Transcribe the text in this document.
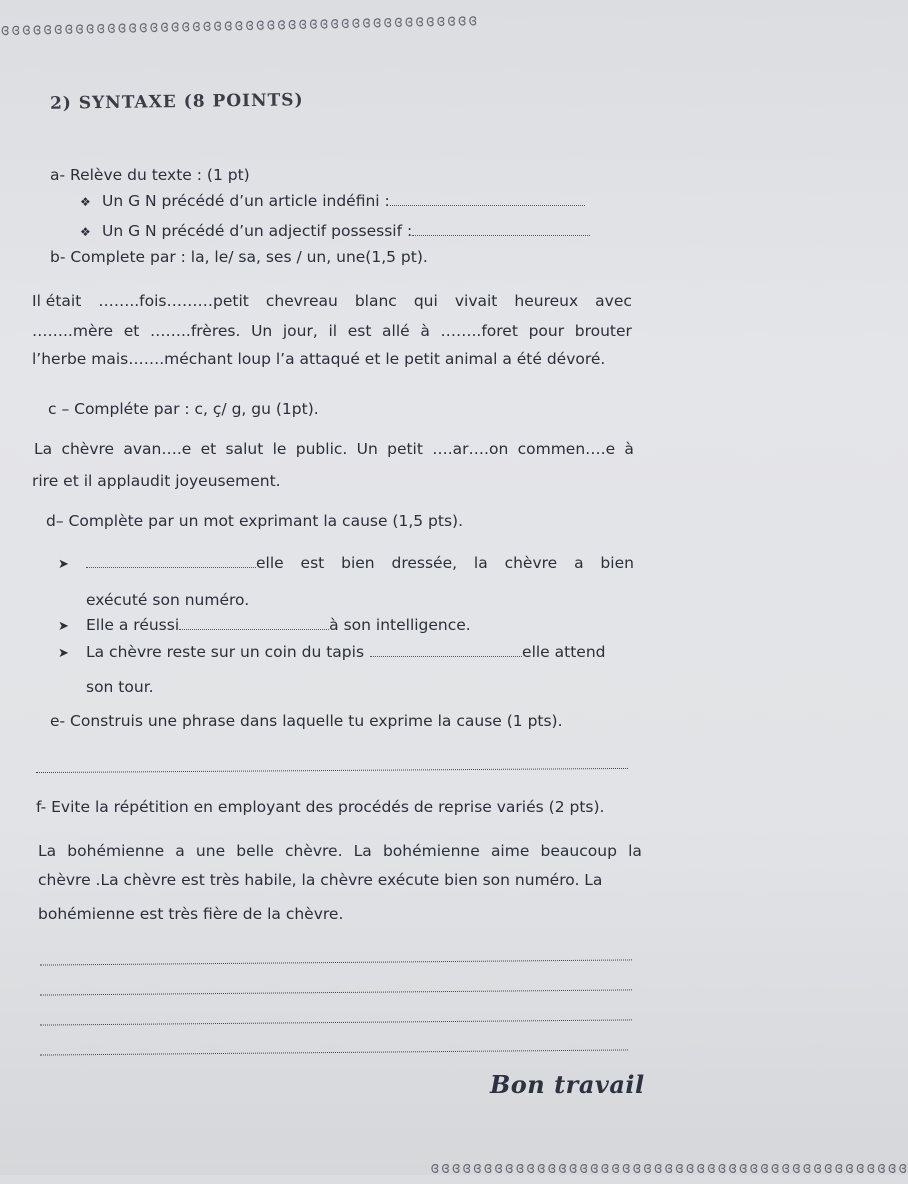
ɞɞɞɞɞɞɞɞɞɞɞɞɞɞɞɞɞɞɞɞɞɞɞɞɞɞɞɞɞɞɞɞɞɞɞɞɞɞɞɞɞɞɞɞɞ
2) SYNTAXE (8 POINTS)
a- Relève du texte : (1 pt)
❖ Un G N précédé d’un article indéfini :
❖ Un G N précédé d’un adjectif possessif :
b- Complete par : la, le/ sa, ses / un, une(1,5 pt).
Il était ……..fois………petit chevreau blanc qui vivait heureux avec
……..mère et ……..frères. Un jour, il est allé à ……..foret pour brouter
l’herbe mais…….méchant loup l’a attaqué et le petit animal a été dévoré.
c – Compléte par : c, ç/ g, gu (1pt).
La chèvre avan….e et salut le public. Un petit ….ar….on commen….e à
rire et il applaudit joyeusement.
d– Complète par un mot exprimant la cause (1,5 pts).
➤	elle est bien dressée, la chèvre a bien
exécuté son numéro.
➤ Elle a réussi	à son intelligence.
➤ La chèvre reste sur un coin du tapis	elle attend
son tour.
e- Construis une phrase dans laquelle tu exprime la cause (1 pts).
f- Evite la répétition en employant des procédés de reprise variés (2 pts).
La bohémienne a une belle chèvre. La bohémienne aime beaucoup la
chèvre .La chèvre est très habile, la chèvre exécute bien son numéro. La
bohémienne est très fière de la chèvre.
Bon travail
ɞɞɞɞɞɞɞɞɞɞɞɞɞɞɞɞɞɞɞɞɞɞɞɞɞɞɞɞɞɞɞɞɞɞɞɞɞɞɞɞɞɞɞɞɞ
